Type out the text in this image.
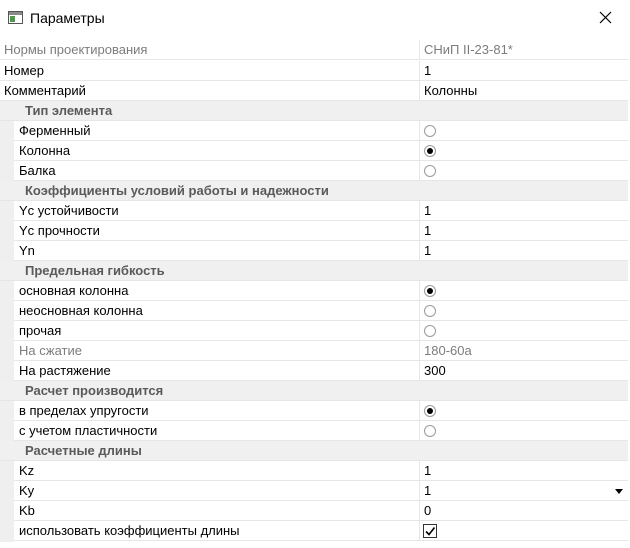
Параметры
Нормы проектирования	СНиП II-23-81*
Номер	1
Комментарий	Колонны
Тип элемента
Ферменный
Колонна
Балка
Коэффициенты условий работы и надежности
Yc устойчивости	1
Yc прочности	1
Yn	1
Предельная гибкость
основная колонна
неосновная колонна
прочая
На сжатие	180-60a
На растяжение	300
Расчет производится
в пределах упругости
с учетом пластичности
Расчетные длины
Kz	1
Ky	1
Kb	0
использовать коэффициенты длины
